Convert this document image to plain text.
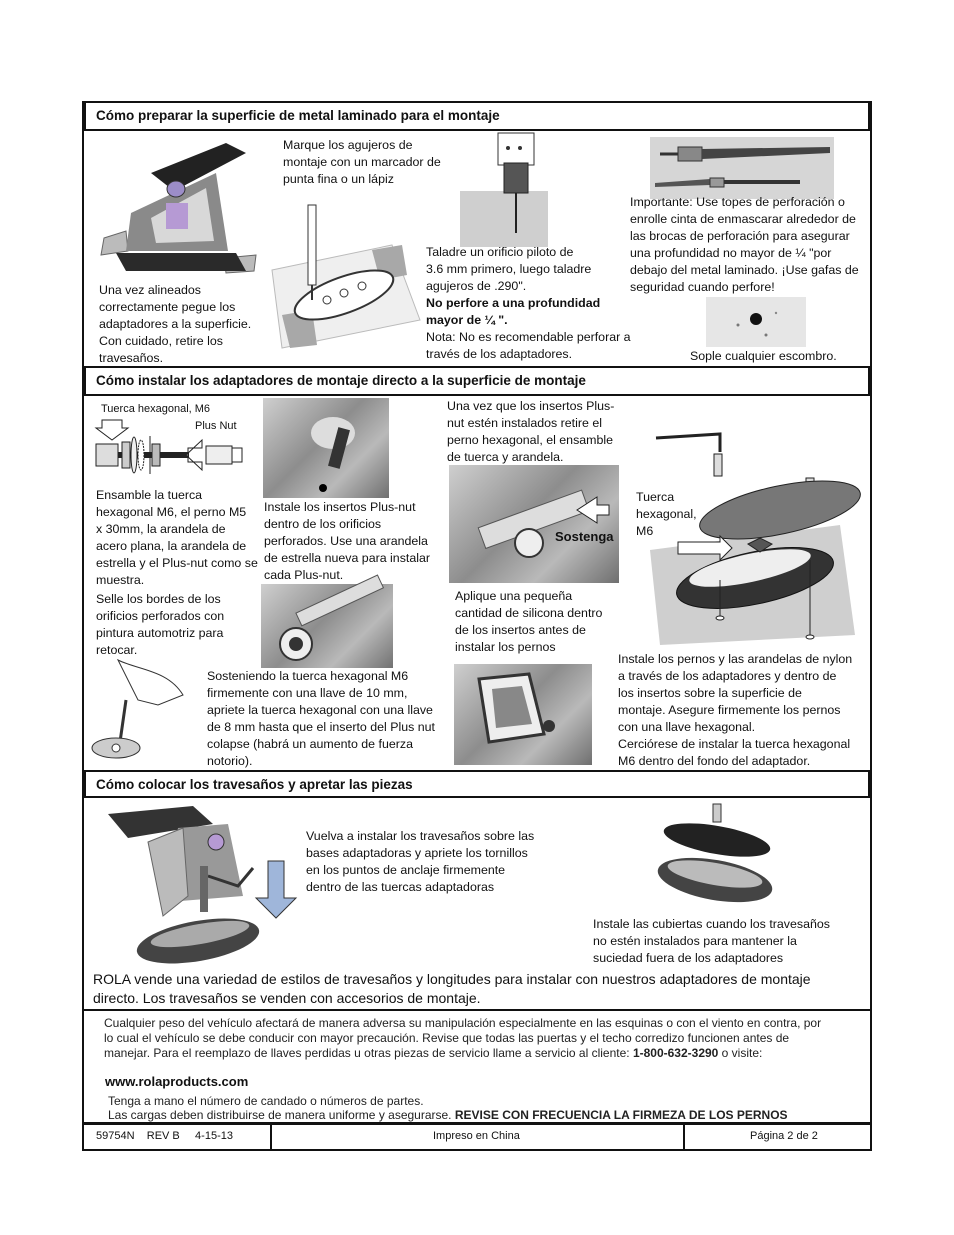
Cómo preparar la superficie de metal laminado para el montaje
Una vez alineados
correctamente pegue los
adaptadores a la superficie.
Con cuidado, retire los
travesaños.
Marque los agujeros de
montaje con un marcador de
punta fina o un lápiz
Taladre un orificio piloto de
3.6 mm primero, luego taladre
agujeros de .290".
No perfore a una profundidad
mayor de ¼ ".
Nota: No es recomendable perforar a
través de los adaptadores.
Importante: Use topes de perforación o
enrolle cinta de enmascarar alrededor de
las brocas de perforación para asegurar
una profundidad no mayor de ¼ "por
debajo del metal laminado. ¡Use gafas de
seguridad cuando perfore!
Sople cualquier escombro.
Cómo instalar los adaptadores de montaje directo a la superficie de montaje
Tuerca hexagonal, M6
Plus Nut
Ensamble la tuerca
hexagonal M6, el perno M5
x 30mm, la arandela de
acero plana, la arandela de
estrella y el Plus-nut como se
muestra.
Selle los bordes de los
orificios perforados con
pintura automotriz para
retocar.
Instale los insertos Plus-nut
dentro de los orificios
perforados. Use una arandela
de estrella nueva para instalar
cada Plus-nut.
Sosteniendo la tuerca hexagonal M6
firmemente con una llave de 10 mm,
apriete la tuerca hexagonal con una llave
de 8 mm hasta que el inserto del Plus nut
colapse (habrá un aumento de fuerza
notorio).
Una vez que los insertos Plus-
nut estén instalados retire el
perno hexagonal, el ensamble
de tuerca y arandela.
Sostenga
Aplique una pequeña
cantidad de silicona dentro
de los insertos antes de
instalar los pernos
Tuerca
hexagonal,
M6
Instale los pernos y las arandelas de nylon
a través de los adaptadores y dentro de
los insertos sobre la superficie de
montaje. Asegure firmemente los pernos
con una llave hexagonal.
Cerciórese de instalar la tuerca hexagonal
M6 dentro del fondo del adaptador.
Cómo colocar los travesaños y apretar las piezas
Vuelva a instalar los travesaños sobre las
bases adaptadoras y apriete los tornillos
en los puntos de anclaje firmemente
dentro de las tuercas adaptadoras
Instale las cubiertas cuando los travesaños
no estén instalados para mantener la
suciedad fuera de los adaptadores
ROLA vende una variedad de estilos de travesaños y longitudes para instalar con nuestros adaptadores de montaje
directo. Los travesaños se venden con accesorios de montaje.
Cualquier peso del vehículo afectará de manera adversa su manipulación especialmente en las esquinas o con el viento en contra, por
lo cual el vehículo se debe conducir con mayor precaución. Revise que todas las puertas y el techo corredizo funcionen antes de
manejar. Para el reemplazo de llaves perdidas u otras piezas de servicio llame a servicio al cliente: 1-800-632-3290 o visite:
www.rolaproducts.com
Tenga a mano el número de candado o números de partes.
Las cargas deben distribuirse de manera uniforme y asegurarse. REVISE CON FRECUENCIA LA FIRMEZA DE LOS PERNOS
59754N    REV B     4-15-13	Impreso en China	Página 2 de 2
